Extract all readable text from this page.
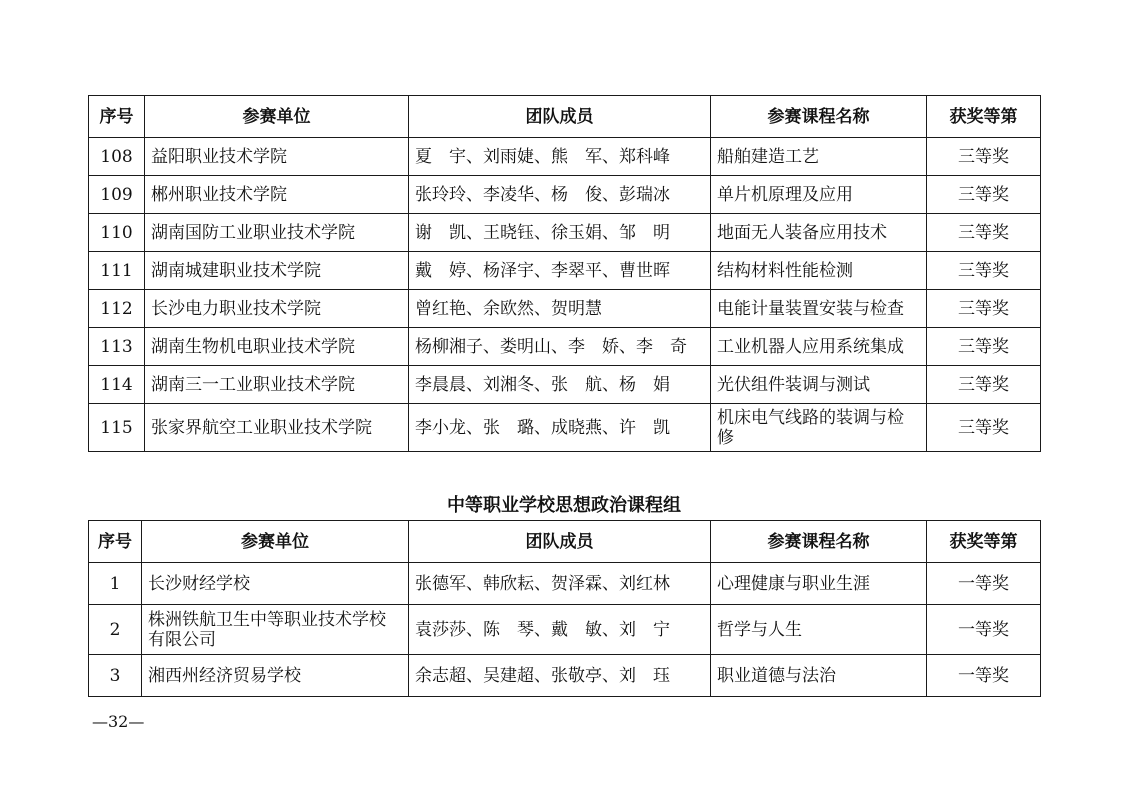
序号	参赛单位	团队成员	参赛课程名称	获奖等第
108	益阳职业技术学院	夏　宇、刘雨婕、熊　军、郑科峰	船舶建造工艺	三等奖
109	郴州职业技术学院	张玲玲、李凌华、杨　俊、彭瑞冰	单片机原理及应用	三等奖
110	湖南国防工业职业技术学院	谢　凯、王晓钰、徐玉娟、邹　明	地面无人装备应用技术	三等奖
111	湖南城建职业技术学院	戴　婷、杨泽宇、李翠平、曹世晖	结构材料性能检测	三等奖
112	长沙电力职业技术学院	曾红艳、余欧然、贺明慧	电能计量装置安装与检查	三等奖
113	湖南生物机电职业技术学院	杨柳湘子、娄明山、李　娇、李　奇	工业机器人应用系统集成	三等奖
114	湖南三一工业职业技术学院	李晨晨、刘湘冬、张　航、杨　娟	光伏组件装调与测试	三等奖
115	张家界航空工业职业技术学院	李小龙、张　璐、成晓燕、许　凯	机床电气线路的装调与检修	三等奖
中等职业学校思想政治课程组
序号	参赛单位	团队成员	参赛课程名称	获奖等第
1	长沙财经学校	张德军、韩欣耘、贺泽霖、刘红林	心理健康与职业生涯	一等奖
2	株洲铁航卫生中等职业技术学校有限公司	袁莎莎、陈　琴、戴　敏、刘　宁	哲学与人生	一等奖
3	湘西州经济贸易学校	余志超、吴建超、张敬亭、刘　珏	职业道德与法治	一等奖
—32—
